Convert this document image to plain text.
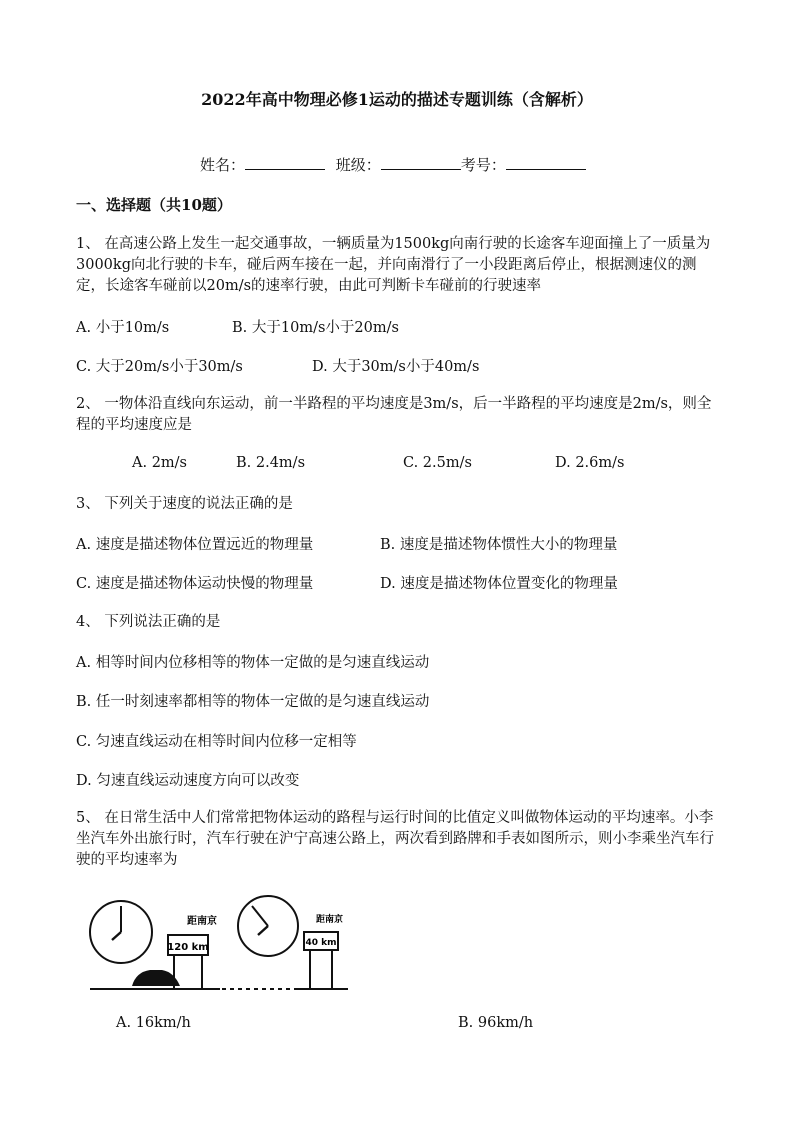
2022年高中物理必修1运动的描述专题训练（含解析）
姓名：	班级：	考号：
一、选择题（共10题）
1、 在高速公路上发生一起交通事故，一辆质量为1500kg向南行驶的长途客车迎面撞上了一质量为3000kg向北行驶的卡车，碰后两车接在一起，并向南滑行了一小段距离后停止，根据测速仪的测定，长途客车碰前以20m/s的速率行驶，由此可判断卡车碰前的行驶速率
A. 小于10m/s	B. 大于10m/s小于20m/s
C. 大于20m/s小于30m/s	D. 大于30m/s小于40m/s
2、 一物体沿直线向东运动，前一半路程的平均速度是3m/s，后一半路程的平均速度是2m/s，则全程的平均速度应是
A. 2m/s	B. 2.4m/s	C. 2.5m/s	D. 2.6m/s
3、 下列关于速度的说法正确的是
A. 速度是描述物体位置远近的物理量	B. 速度是描述物体惯性大小的物理量
C. 速度是描述物体运动快慢的物理量	D. 速度是描述物体位置变化的物理量
4、 下列说法正确的是
A. 相等时间内位移相等的物体一定做的是匀速直线运动
B. 任一时刻速率都相等的物体一定做的是匀速直线运动
C. 匀速直线运动在相等时间内位移一定相等
D. 匀速直线运动速度方向可以改变
5、 在日常生活中人们常常把物体运动的路程与运行时间的比值定义叫做物体运动的平均速率。小李坐汽车外出旅行时，汽车行驶在沪宁高速公路上，两次看到路牌和手表如图所示，则小李乘坐汽车行驶的平均速率为
距南京
120 km
距南京
40 km
A. 16km/h	B. 96km/h
